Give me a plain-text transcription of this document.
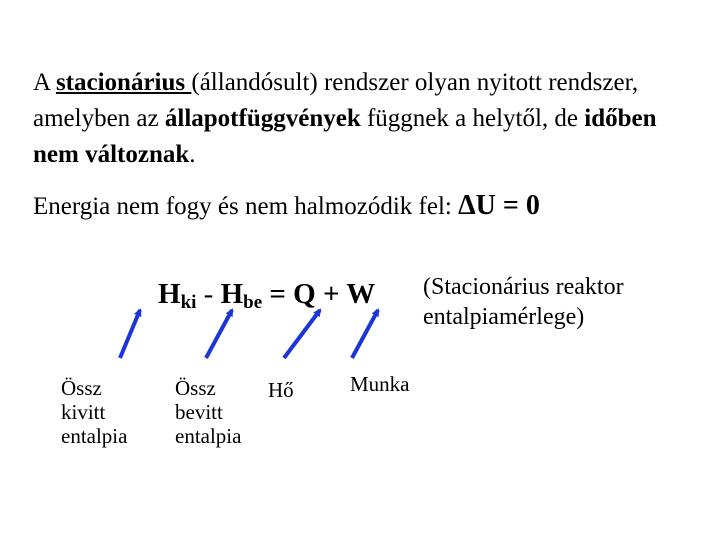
A stacionárius (állandósult) rendszer olyan nyitott rendszer, amelyben az állapotfüggvények függnek a helytől, de időben nem változnak.
Energia nem fogy és nem halmozódik fel: ΔU = 0
$H_{ki} - H_{be} = Q + W$ (Stacionárius reaktor
entalpiamérlege)
Össz
kivitt
entalpia
Össz
bevitt
entalpia
Hő	Munka
